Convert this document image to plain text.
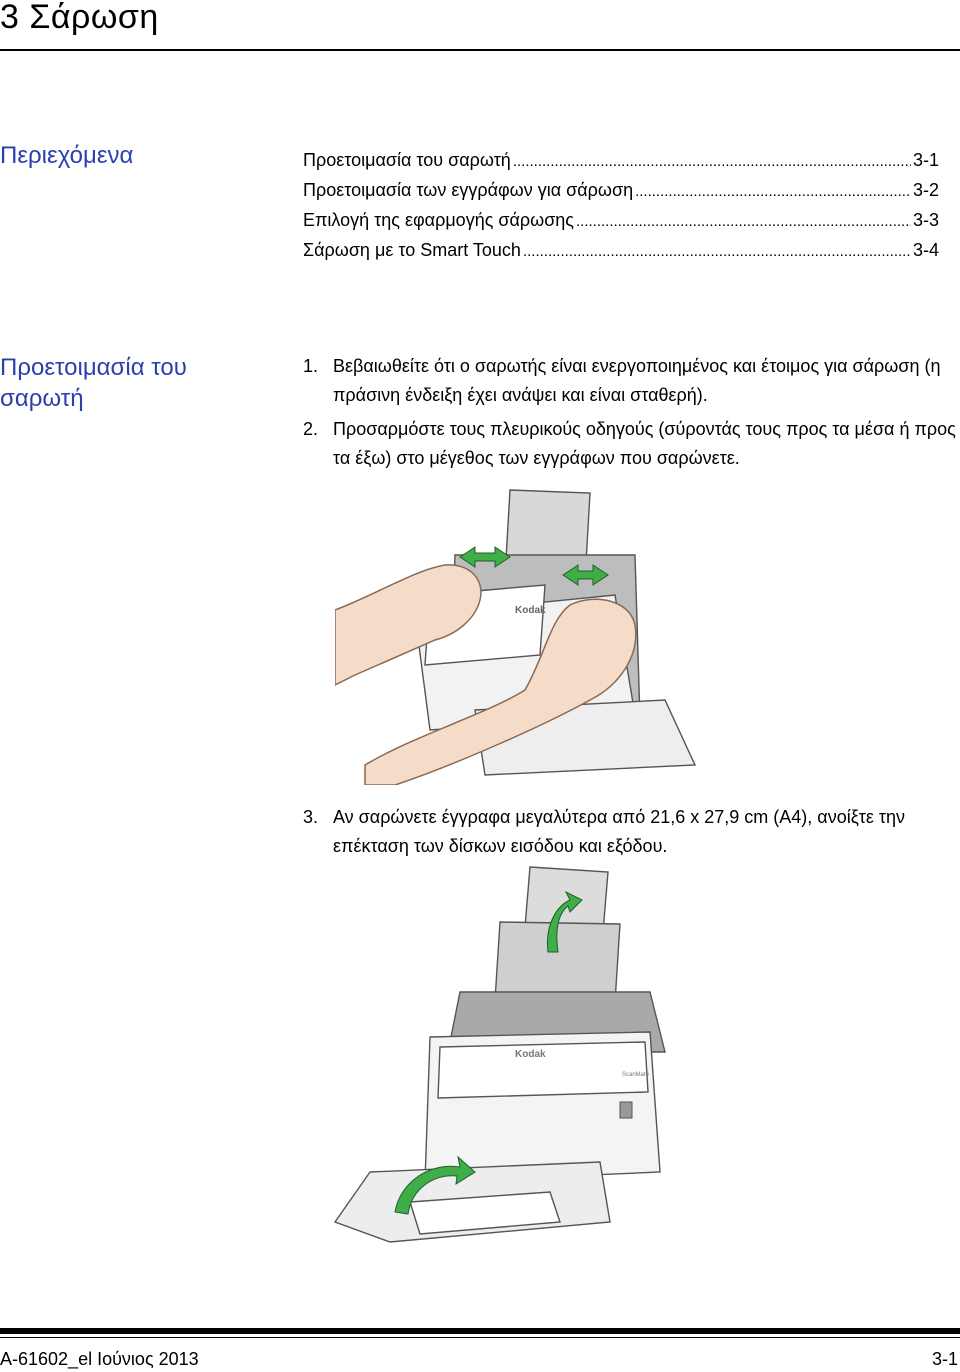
3 Σάρωση
Περιεχόμενα	Προετοιμασία του σαρωτή .....	3-1
Προετοιμασία των εγγράφων για σάρωση .....	3-2
Επιλογή της εφαρμογής σάρωσης .....	3-3
Σάρωση με το Smart Touch .....	3-4
Προετοιμασία του
σαρωτή
1. Βεβαιωθείτε ότι ο σαρωτής είναι ενεργοποιημένος και έτοιμος για σάρωση (η πράσινη ένδειξη έχει ανάψει και είναι σταθερή).
2. Προσαρμόστε τους πλευρικούς οδηγούς (σύροντάς τους προς τα μέσα ή προς τα έξω) στο μέγεθος των εγγράφων που σαρώνετε.
Kodak
3. Αν σαρώνετε έγγραφα μεγαλύτερα από 21,6 x 27,9 cm (A4), ανοίξτε την επέκταση των δίσκων εισόδου και εξόδου.
Kodak
ScanMate
A-61602_el Ιούνιος 2013	3-1
